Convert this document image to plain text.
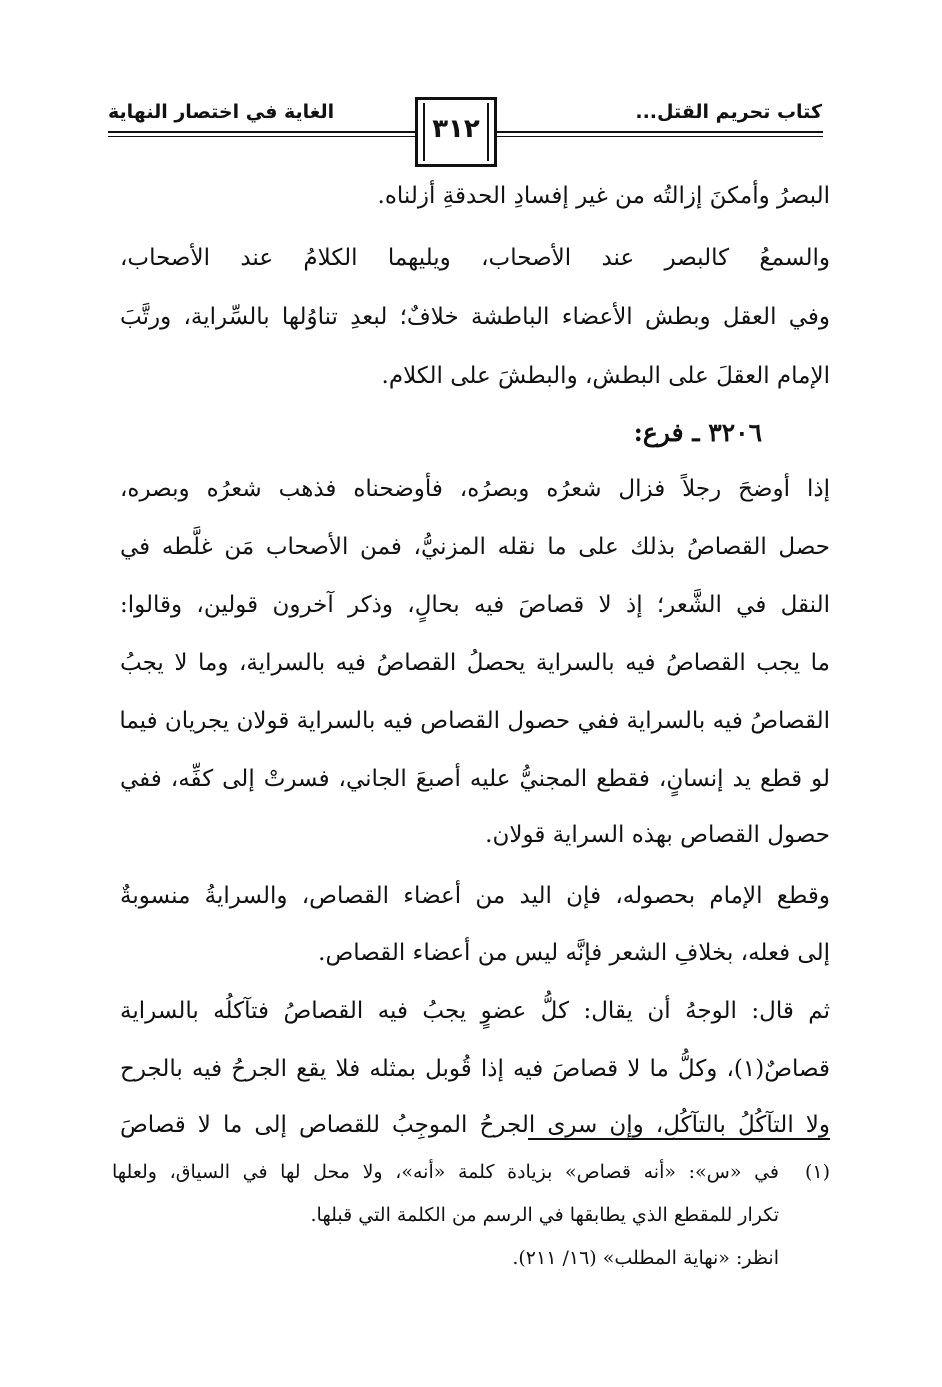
كتاب تحريم القتل...
الغاية في اختصار النهاية
٣١٢
البصرُ وأمكنَ إزالتُه من غير إفسادِ الحدقةِ أزلناه.
والسمعُ كالبصر عند الأصحاب، ويليهما الكلامُ عند الأصحاب،
وفي العقل وبطش الأعضاء الباطشة خلافٌ؛ لبعدِ تناوُلها بالسِّراية، ورتَّبَ
الإمام العقلَ على البطش، والبطشَ على الكلام.
٣٢٠٦ ـ فرع:
إذا أوضحَ رجلاً فزال شعرُه وبصرُه، فأوضحناه فذهب شعرُه وبصره،
حصل القصاصُ بذلك على ما نقله المزنيُّ، فمن الأصحاب مَن غلَّطه في
النقل في الشَّعر؛ إذ لا قصاصَ فيه بحالٍ، وذكر آخرون قولين، وقالوا:
ما يجب القصاصُ فيه بالسراية يحصلُ القصاصُ فيه بالسراية، وما لا يجبُ
القصاصُ فيه بالسراية ففي حصول القصاص فيه بالسراية قولان يجريان فيما
لو قطع يد إنسانٍ، فقطع المجنيُّ عليه أصبعَ الجاني، فسرتْ إلى كفِّه، ففي
حصول القصاص بهذه السراية قولان.
وقطع الإمام بحصوله، فإن اليد من أعضاء القصاص، والسرايةُ منسوبةٌ
إلى فعله، بخلافِ الشعر فإنَّه ليس من أعضاء القصاص.
ثم قال: الوجهُ أن يقال: كلُّ عضوٍ يجبُ فيه القصاصُ فتآكلُه بالسراية
قصاصٌ(١)، وكلُّ ما لا قصاصَ فيه إذا قُوبل بمثله فلا يقع الجرحُ فيه بالجرح
ولا التآكُلُ بالتآكُلِ، وإن سرى الجرحُ الموجِبُ للقصاص إلى ما لا قصاصَ
(١)
في «س»: «أنه قصاص» بزيادة كلمة «أنه»، ولا محل لها في السياق، ولعلها
تكرار للمقطع الذي يطابقها في الرسم من الكلمة التي قبلها.
انظر: «نهاية المطلب» (١٦/ ٢١١).
